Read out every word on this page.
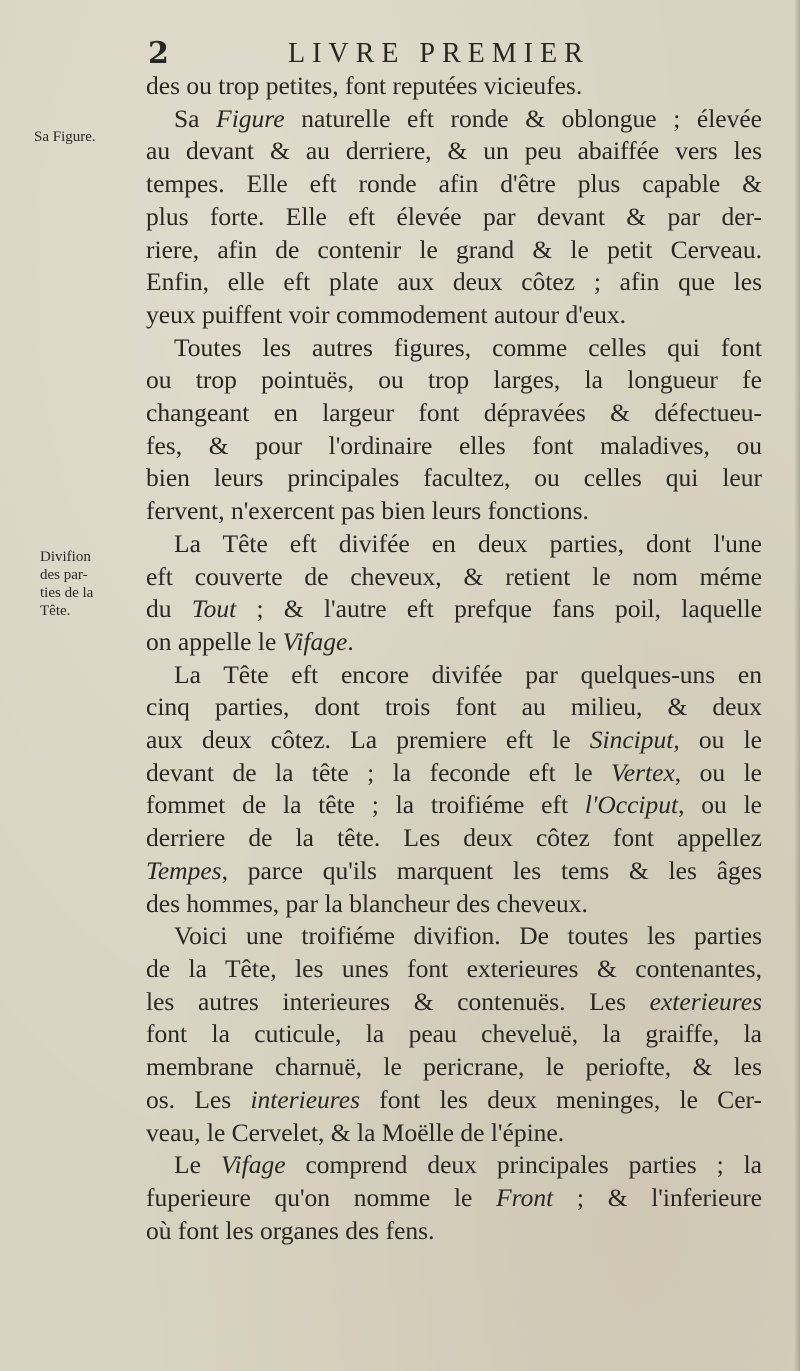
2	LIVRE PREMIER
Sa Figure.
Divifion
des par-
ties de la
Tête.
des ou trop petites, font reputées vicieufes.
Sa Figure naturelle eft ronde & oblongue ; élevée
au devant & au derriere, & un peu abaiffée vers les
tempes. Elle eft ronde afin d'être plus capable &
plus forte. Elle eft élevée par devant & par der-
riere, afin de contenir le grand & le petit Cerveau.
Enfin, elle eft plate aux deux côtez ; afin que les
yeux puiffent voir commodement autour d'eux.
Toutes les autres figures, comme celles qui font
ou trop pointuës, ou trop larges, la longueur fe
changeant en largeur font dépravées & défectueu-
fes, & pour l'ordinaire elles font maladives, ou
bien leurs principales facultez, ou celles qui leur
fervent, n'exercent pas bien leurs fonctions.
La Tête eft divifée en deux parties, dont l'une
eft couverte de cheveux, & retient le nom méme
du Tout ; & l'autre eft prefque fans poil, laquelle
on appelle le Vifage.
La Tête eft encore divifée par quelques-uns en
cinq parties, dont trois font au milieu, & deux
aux deux côtez. La premiere eft le Sinciput, ou le
devant de la tête ; la feconde eft le Vertex, ou le
fommet de la tête ; la troifiéme eft l'Occiput, ou le
derriere de la tête. Les deux côtez font appellez
Tempes, parce qu'ils marquent les tems & les âges
des hommes, par la blancheur des cheveux.
Voici une troifiéme divifion. De toutes les parties
de la Tête, les unes font exterieures & contenantes,
les autres interieures & contenuës. Les exterieures
font la cuticule, la peau cheveluë, la graiffe, la
membrane charnuë, le pericrane, le periofte, & les
os. Les interieures font les deux meninges, le Cer-
veau, le Cervelet, & la Moëlle de l'épine.
Le Vifage comprend deux principales parties ; la
fuperieure qu'on nomme le Front ; & l'inferieure
où font les organes des fens.
